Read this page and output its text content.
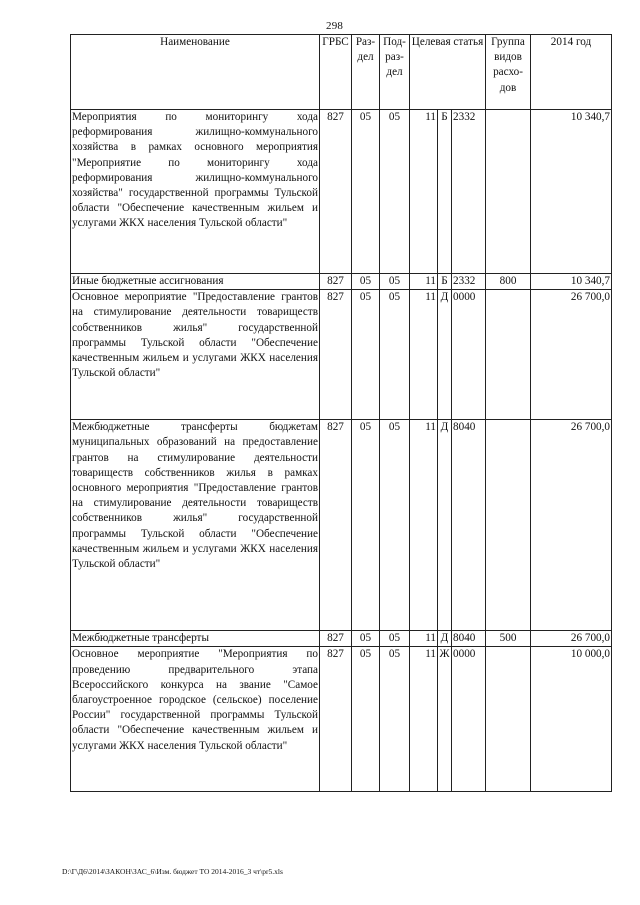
298
Наименование	ГРБС	Раз-дел	Под-раз-дел	Целевая статья			Группа видов расхо-дов	2014 год
Мероприятия по мониторингу хода реформирования жилищно-коммунального хозяйства в рамках основного мероприятия "Мероприятие по мониторингу хода реформирования жилищно-коммунального хозяйства" государственной программы Тульской области "Обеспечение качественным жильем и услугами ЖКХ населения Тульской области"	827	05	05	11	Б	2332		10 340,7
Иные бюджетные ассигнования	827	05	05	11	Б	2332	800	10 340,7
Основное мероприятие "Предоставление грантов на стимулирование деятельности товариществ собственников жилья" государственной программы Тульской области "Обеспечение качественным жильем и услугами ЖКХ населения Тульской области"	827	05	05	11	Д	0000		26 700,0
Межбюджетные трансферты бюджетам муниципальных образований на предоставление грантов на стимулирование деятельности товариществ собственников жилья в рамках основного мероприятия "Предоставление грантов на стимулирование деятельности товариществ собственников жилья" государственной программы Тульской области "Обеспечение качественным жильем и услугами ЖКХ населения Тульской области"	827	05	05	11	Д	8040		26 700,0
Межбюджетные трансферты	827	05	05	11	Д	8040	500	26 700,0
Основное мероприятие "Мероприятия по проведению предварительного этапа Всероссийского конкурса на звание "Самое благоустроенное городское (сельское) поселение России" государственной программы Тульской области "Обеспечение качественным жильем и услугами ЖКХ населения Тульской области"	827	05	05	11	Ж	0000		10 000,0
D:\Г\Д6\2014\ЗАКОН\ЗАС_6\Изм. бюджет ТО 2014-2016_3 чт\pr5.xls
